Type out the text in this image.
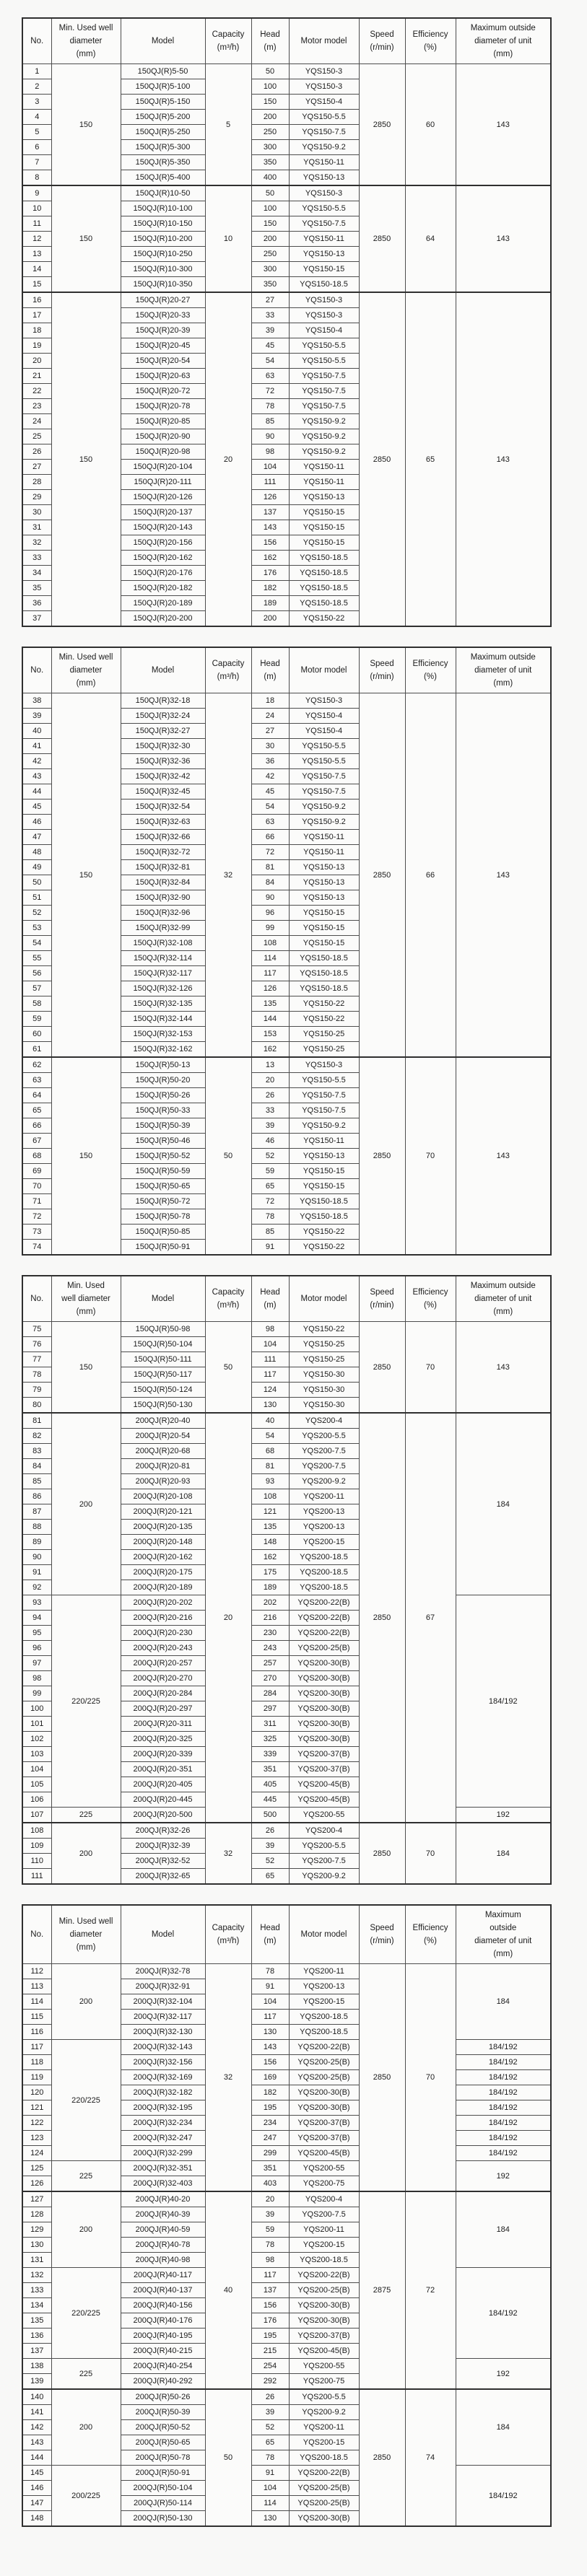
No.

Min. Used well
diameter
(mm)

Model

Capacity
(m³/h)

Head
(m)

Motor model

Speed
(r/min)

Efficiency
(%)

Maximum outside
diameter of unit
(mm)

1	150	150QJ(R)5-50	5	50	YQS150-3	2850	60	143
2		150QJ(R)5-100		100	YQS150-3			
3		150QJ(R)5-150		150	YQS150-4			
4		150QJ(R)5-200		200	YQS150-5.5			
5		150QJ(R)5-250		250	YQS150-7.5			
6		150QJ(R)5-300		300	YQS150-9.2			
7		150QJ(R)5-350		350	YQS150-11			
8		150QJ(R)5-400		400	YQS150-13			
9	150	150QJ(R)10-50	10	50	YQS150-3	2850	64	143
10		150QJ(R)10-100		100	YQS150-5.5			
11		150QJ(R)10-150		150	YQS150-7.5			
12		150QJ(R)10-200		200	YQS150-11			
13		150QJ(R)10-250		250	YQS150-13			
14		150QJ(R)10-300		300	YQS150-15			
15		150QJ(R)10-350		350	YQS150-18.5			
16	150	150QJ(R)20-27	20	27	YQS150-3	2850	65	143
17		150QJ(R)20-33		33	YQS150-3			
18		150QJ(R)20-39		39	YQS150-4			
19		150QJ(R)20-45		45	YQS150-5.5			
20		150QJ(R)20-54		54	YQS150-5.5			
21		150QJ(R)20-63		63	YQS150-7.5			
22		150QJ(R)20-72		72	YQS150-7.5			
23		150QJ(R)20-78		78	YQS150-7.5			
24		150QJ(R)20-85		85	YQS150-9.2			
25		150QJ(R)20-90		90	YQS150-9.2			
26		150QJ(R)20-98		98	YQS150-9.2			
27		150QJ(R)20-104		104	YQS150-11			
28		150QJ(R)20-111		111	YQS150-11			
29		150QJ(R)20-126		126	YQS150-13			
30		150QJ(R)20-137		137	YQS150-15			
31		150QJ(R)20-143		143	YQS150-15			
32		150QJ(R)20-156		156	YQS150-15			
33		150QJ(R)20-162		162	YQS150-18.5			
34		150QJ(R)20-176		176	YQS150-18.5			
35		150QJ(R)20-182		182	YQS150-18.5			
36		150QJ(R)20-189		189	YQS150-18.5			
37		150QJ(R)20-200		200	YQS150-22			
No.

Min. Used well
diameter
(mm)

Model

Capacity
(m³/h)

Head
(m)

Motor model

Speed
(r/min)

Efficiency
(%)

Maximum outside
diameter of unit
(mm)

38	150	150QJ(R)32-18	32	18	YQS150-3	2850	66	143
39		150QJ(R)32-24		24	YQS150-4			
40		150QJ(R)32-27		27	YQS150-4			
41		150QJ(R)32-30		30	YQS150-5.5			
42		150QJ(R)32-36		36	YQS150-5.5			
43		150QJ(R)32-42		42	YQS150-7.5			
44		150QJ(R)32-45		45	YQS150-7.5			
45		150QJ(R)32-54		54	YQS150-9.2			
46		150QJ(R)32-63		63	YQS150-9.2			
47		150QJ(R)32-66		66	YQS150-11			
48		150QJ(R)32-72		72	YQS150-11			
49		150QJ(R)32-81		81	YQS150-13			
50		150QJ(R)32-84		84	YQS150-13			
51		150QJ(R)32-90		90	YQS150-13			
52		150QJ(R)32-96		96	YQS150-15			
53		150QJ(R)32-99		99	YQS150-15			
54		150QJ(R)32-108		108	YQS150-15			
55		150QJ(R)32-114		114	YQS150-18.5			
56		150QJ(R)32-117		117	YQS150-18.5			
57		150QJ(R)32-126		126	YQS150-18.5			
58		150QJ(R)32-135		135	YQS150-22			
59		150QJ(R)32-144		144	YQS150-22			
60		150QJ(R)32-153		153	YQS150-25			
61		150QJ(R)32-162		162	YQS150-25			
62	150	150QJ(R)50-13	50	13	YQS150-3	2850	70	143
63		150QJ(R)50-20		20	YQS150-5.5			
64		150QJ(R)50-26		26	YQS150-7.5			
65		150QJ(R)50-33		33	YQS150-7.5			
66		150QJ(R)50-39		39	YQS150-9.2			
67		150QJ(R)50-46		46	YQS150-11			
68		150QJ(R)50-52		52	YQS150-13			
69		150QJ(R)50-59		59	YQS150-15			
70		150QJ(R)50-65		65	YQS150-15			
71		150QJ(R)50-72		72	YQS150-18.5			
72		150QJ(R)50-78		78	YQS150-18.5			
73		150QJ(R)50-85		85	YQS150-22			
74		150QJ(R)50-91		91	YQS150-22			
No.

Min. Used
well diameter
(mm)

Model

Capacity
(m³/h)

Head
(m)

Motor model

Speed
(r/min)

Efficiency
(%)

Maximum outside
diameter of unit
(mm)

75	150	150QJ(R)50-98	50	98	YQS150-22	2850	70	143
76		150QJ(R)50-104		104	YQS150-25			
77		150QJ(R)50-111		111	YQS150-25			
78		150QJ(R)50-117		117	YQS150-30			
79		150QJ(R)50-124		124	YQS150-30			
80		150QJ(R)50-130		130	YQS150-30			
81	200	200QJ(R)20-40	20	40	YQS200-4	2850	67	184
82		200QJ(R)20-54		54	YQS200-5.5			
83		200QJ(R)20-68		68	YQS200-7.5			
84		200QJ(R)20-81		81	YQS200-7.5			
85		200QJ(R)20-93		93	YQS200-9.2			
86		200QJ(R)20-108		108	YQS200-11			
87		200QJ(R)20-121		121	YQS200-13			
88		200QJ(R)20-135		135	YQS200-13			
89		200QJ(R)20-148		148	YQS200-15			
90		200QJ(R)20-162		162	YQS200-18.5			
91		200QJ(R)20-175		175	YQS200-18.5			
92		200QJ(R)20-189		189	YQS200-18.5			
93	220/225	200QJ(R)20-202		202	YQS200-22(B)			184/192
94		200QJ(R)20-216		216	YQS200-22(B)			
95		200QJ(R)20-230		230	YQS200-22(B)			
96		200QJ(R)20-243		243	YQS200-25(B)			
97		200QJ(R)20-257		257	YQS200-30(B)			
98		200QJ(R)20-270		270	YQS200-30(B)			
99		200QJ(R)20-284		284	YQS200-30(B)			
100		200QJ(R)20-297		297	YQS200-30(B)			
101		200QJ(R)20-311		311	YQS200-30(B)			
102		200QJ(R)20-325		325	YQS200-30(B)			
103		200QJ(R)20-339		339	YQS200-37(B)			
104		200QJ(R)20-351		351	YQS200-37(B)			
105		200QJ(R)20-405		405	YQS200-45(B)			
106		200QJ(R)20-445		445	YQS200-45(B)			
107	225	200QJ(R)20-500		500	YQS200-55			192
108	200	200QJ(R)32-26	32	26	YQS200-4	2850	70	184
109		200QJ(R)32-39		39	YQS200-5.5			
110		200QJ(R)32-52		52	YQS200-7.5			
111		200QJ(R)32-65		65	YQS200-9.2			
No.

Min. Used well
diameter
(mm)

Model

Capacity
(m³/h)

Head
(m)

Motor model

Speed
(r/min)

Efficiency
(%)

Maximum
outside
diameter of unit
(mm)

112	200	200QJ(R)32-78	32	78	YQS200-11	2850	70	184
113		200QJ(R)32-91		91	YQS200-13			
114		200QJ(R)32-104		104	YQS200-15			
115		200QJ(R)32-117		117	YQS200-18.5			
116		200QJ(R)32-130		130	YQS200-18.5			
117	220/225	200QJ(R)32-143		143	YQS200-22(B)			184/192
118		200QJ(R)32-156		156	YQS200-25(B)			184/192
119		200QJ(R)32-169		169	YQS200-25(B)			184/192
120		200QJ(R)32-182		182	YQS200-30(B)			184/192
121		200QJ(R)32-195		195	YQS200-30(B)			184/192
122		200QJ(R)32-234		234	YQS200-37(B)			184/192
123		200QJ(R)32-247		247	YQS200-37(B)			184/192
124		200QJ(R)32-299		299	YQS200-45(B)			184/192
125	225	200QJ(R)32-351		351	YQS200-55			192
126		200QJ(R)32-403		403	YQS200-75			
127	200	200QJ(R)40-20	40	20	YQS200-4	2875	72	184
128		200QJ(R)40-39		39	YQS200-7.5			
129		200QJ(R)40-59		59	YQS200-11			
130		200QJ(R)40-78		78	YQS200-15			
131		200QJ(R)40-98		98	YQS200-18.5			
132	220/225	200QJ(R)40-117		117	YQS200-22(B)			184/192
133		200QJ(R)40-137		137	YQS200-25(B)			
134		200QJ(R)40-156		156	YQS200-30(B)			
135		200QJ(R)40-176		176	YQS200-30(B)			
136		200QJ(R)40-195		195	YQS200-37(B)			
137		200QJ(R)40-215		215	YQS200-45(B)			
138	225	200QJ(R)40-254		254	YQS200-55			192
139		200QJ(R)40-292		292	YQS200-75			
140	200	200QJ(R)50-26	50	26	YQS200-5.5	2850	74	184
141		200QJ(R)50-39		39	YQS200-9.2			
142		200QJ(R)50-52		52	YQS200-11			
143		200QJ(R)50-65		65	YQS200-15			
144		200QJ(R)50-78		78	YQS200-18.5			
145	200/225	200QJ(R)50-91		91	YQS200-22(B)			184/192
146		200QJ(R)50-104		104	YQS200-25(B)			
147		200QJ(R)50-114		114	YQS200-25(B)			
148		200QJ(R)50-130		130	YQS200-30(B)			
